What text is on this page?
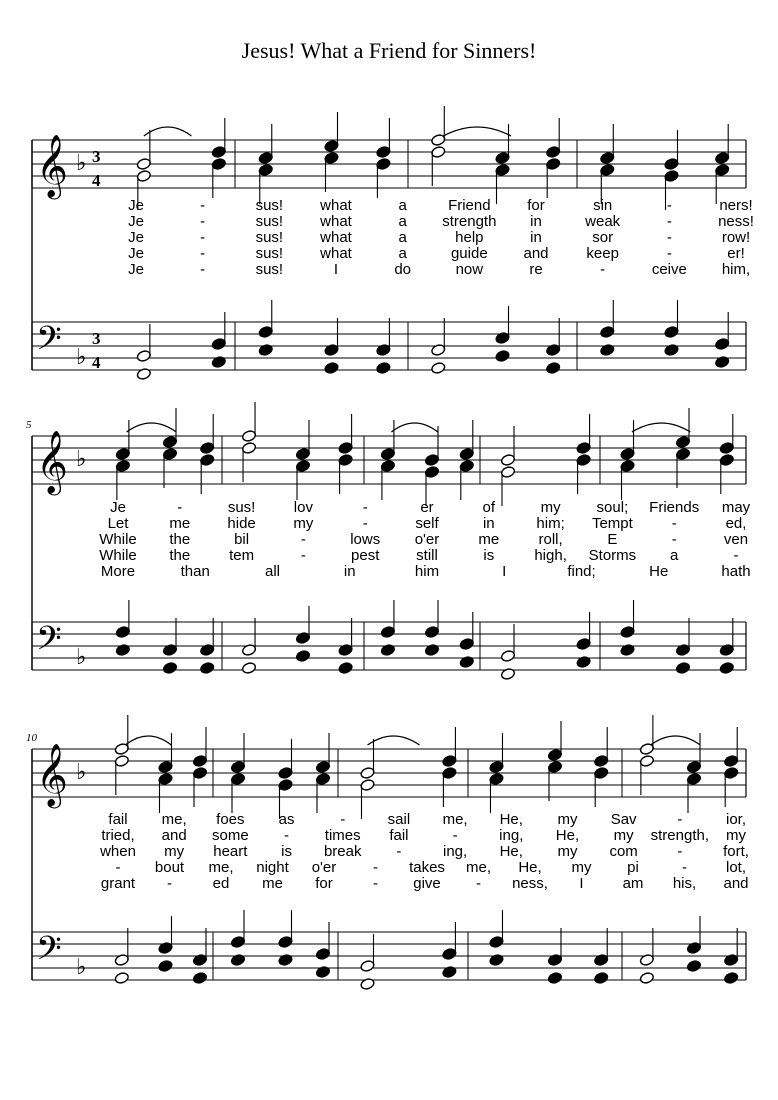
Jesus! What a Friend for Sinners!
𝄞
𝄢
♭
♭
3
4
3
4
Je	-	sus! what	a	Friend for	sin	-	ners!
Je	-	sus! what	a strength in	weak	-	ness!
Je	-	sus! what	a	help	in	sor	-	row!
Je	-	sus! what	a	guide and	keep	-	er!
Je	-	sus!	I	do	now	re	-	ceive him,
𝄞
𝄢
♭
♭
5
Je	-	sus!	lov	-	er	of	my soul; Friends may
Let	me hide	my	-	self	in	him; Tempt	-	ed,
While the	bil	-	lows o'er	me	roll,	E	-	ven
While the	tem	-	pest still	is	high, Storms a	-
More	than	all	in	him	I	find;	He	hath
𝄞
𝄢
♭
♭
10
fail me, foes as	-	sail me, He, my Sav	-	ior,
tried, and some - times fail	-	ing, He, my strength, my
when my heart is break -	ing, He, my com	-	fort,
- bout me, night o'er - takes me, He, my pi	-	lot,
grant -	ed me for	- give - ness, I	am his, and
